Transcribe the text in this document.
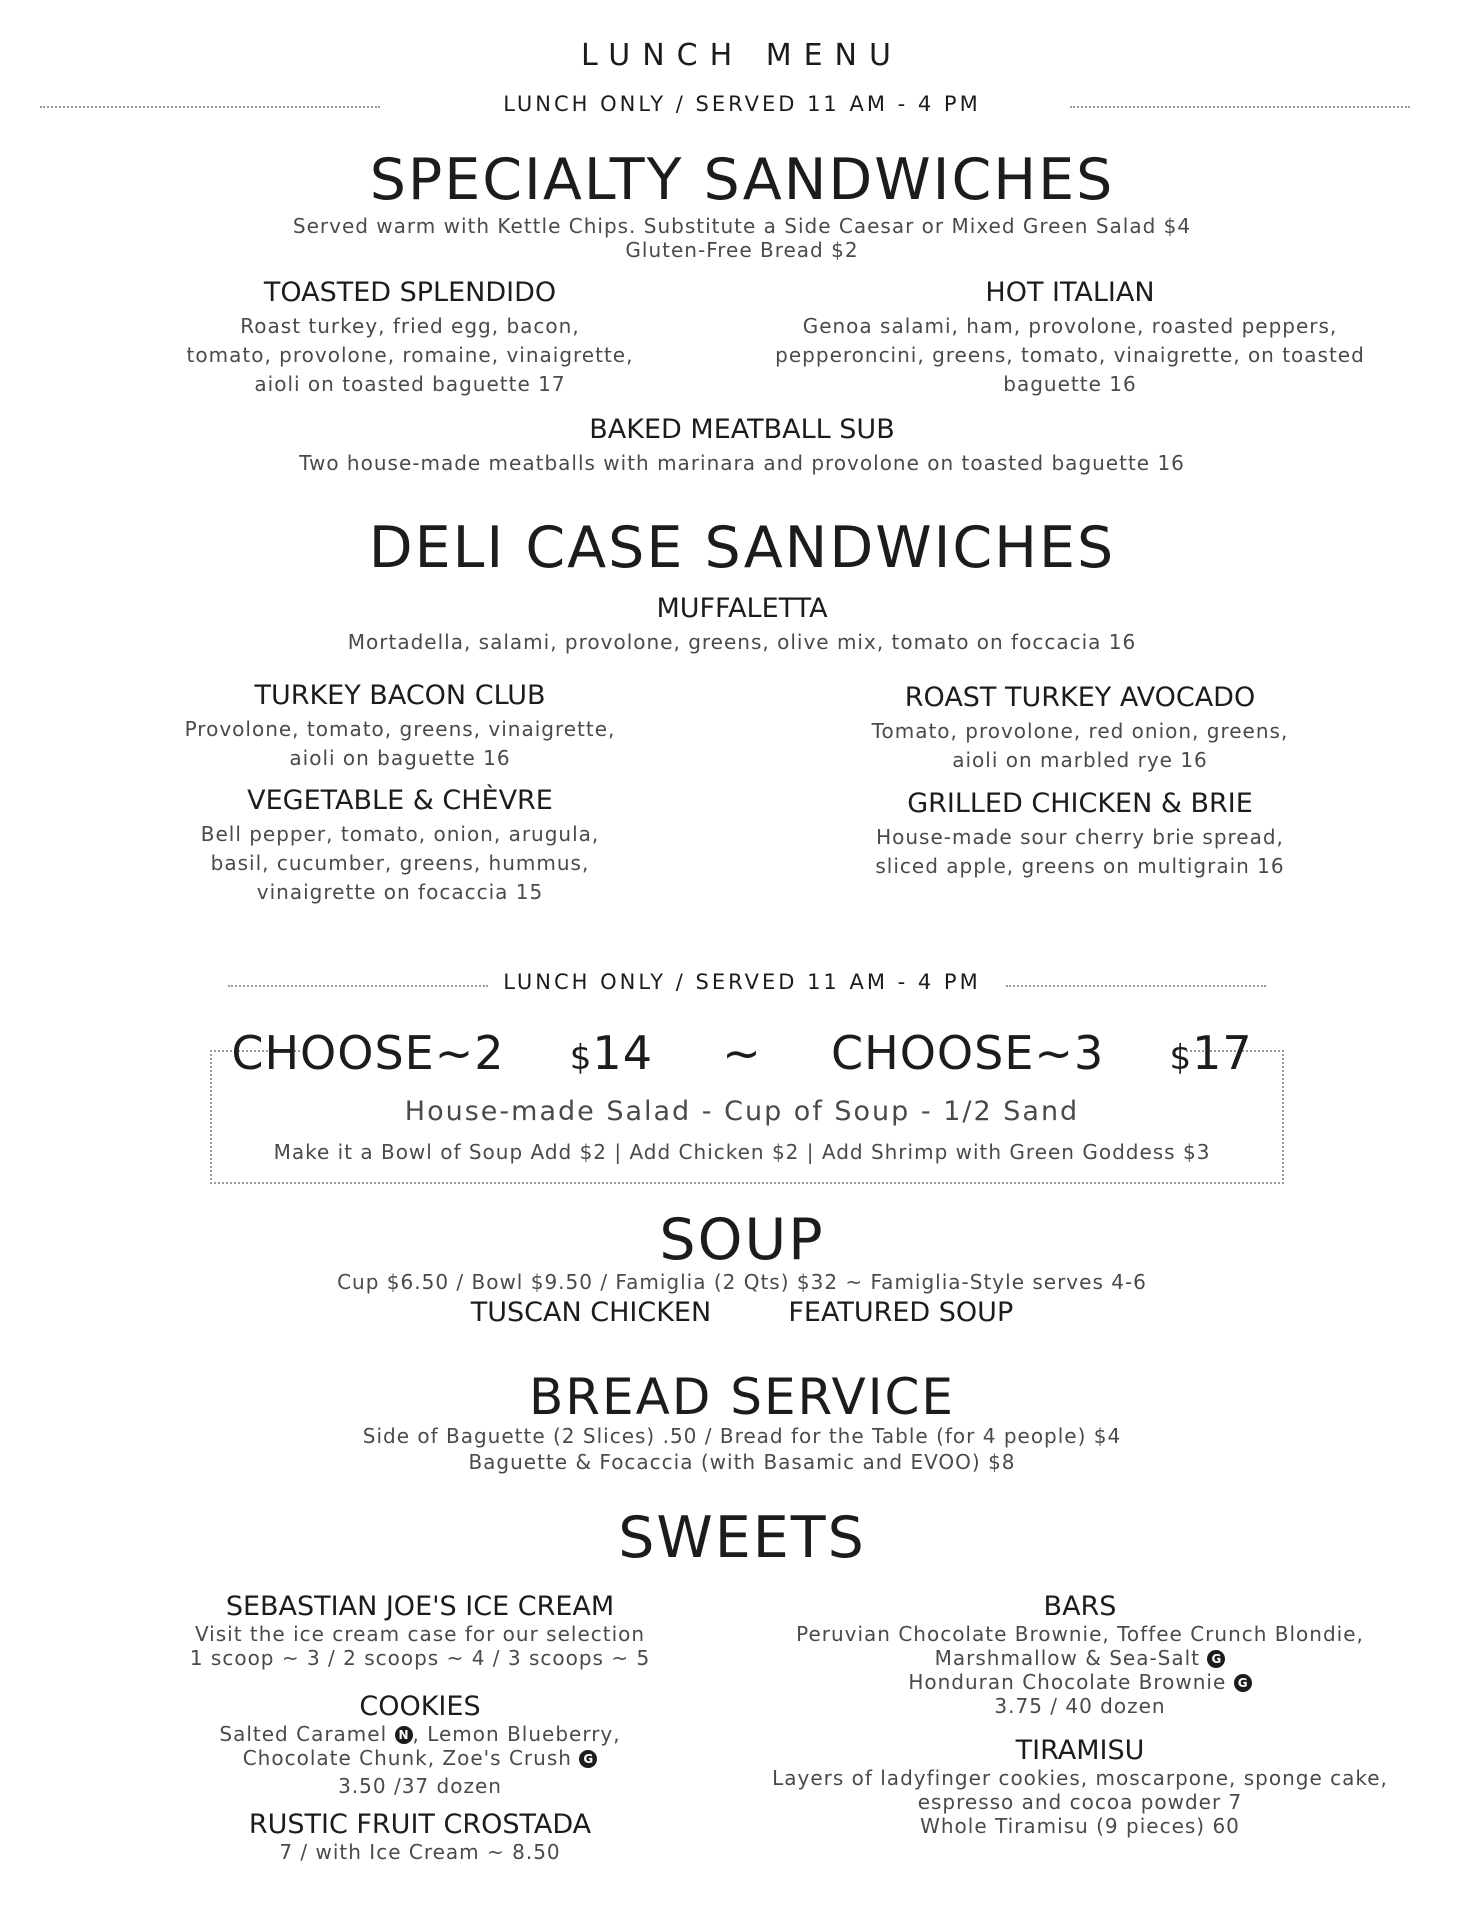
LUNCH MENU
LUNCH ONLY / SERVED 11 AM - 4 PM
SPECIALTY SANDWICHES
Served warm with Kettle Chips. Substitute a Side Caesar or Mixed Green Salad $4
Gluten-Free Bread $2
TOASTED SPLENDIDO
Roast turkey, fried egg, bacon,
tomato, provolone, romaine, vinaigrette,
aioli on toasted baguette 17
HOT ITALIAN
Genoa salami, ham, provolone, roasted peppers,
pepperoncini, greens, tomato, vinaigrette, on toasted
baguette 16
BAKED MEATBALL SUB
Two house-made meatballs with marinara and provolone on toasted baguette 16
DELI CASE SANDWICHES
MUFFALETTA
Mortadella, salami, provolone, greens, olive mix, tomato on foccacia 16
TURKEY BACON CLUB
Provolone, tomato, greens, vinaigrette,
aioli on baguette 16
ROAST TURKEY AVOCADO
Tomato, provolone, red onion, greens,
aioli on marbled rye 16
VEGETABLE & CHÈVRE
Bell pepper, tomato, onion, arugula,
basil, cucumber, greens, hummus,
vinaigrette on focaccia 15
GRILLED CHICKEN & BRIE
House-made sour cherry brie spread,
sliced apple, greens on multigrain 16
LUNCH ONLY / SERVED 11 AM - 4 PM
CHOOSE~2 $14 ~ CHOOSE~3 $17
House-made Salad - Cup of Soup - 1/2 Sand
Make it a Bowl of Soup Add $2 | Add Chicken $2 | Add Shrimp with Green Goddess $3
SOUP
Cup $6.50 / Bowl $9.50 / Famiglia (2 Qts) $32 ~ Famiglia-Style serves 4-6
TUSCAN CHICKEN	FEATURED SOUP
BREAD SERVICE
Side of Baguette (2 Slices) .50 / Bread for the Table (for 4 people) $4
Baguette & Focaccia (with Basamic and EVOO) $8
SWEETS
SEBASTIAN JOE'S ICE CREAM
Visit the ice cream case for our selection
1 scoop ~ 3 / 2 scoops ~ 4 / 3 scoops ~ 5
COOKIES
Salted Caramel N , Lemon Blueberry,
Chocolate Chunk, Zoe's Crush G
3.50 /37 dozen
RUSTIC FRUIT CROSTADA
7 / with Ice Cream ~ 8.50
BARS
Peruvian Chocolate Brownie, Toffee Crunch Blondie,
Marshmallow & Sea-Salt G
Honduran Chocolate Brownie G
3.75 / 40 dozen
TIRAMISU
Layers of ladyfinger cookies, moscarpone, sponge cake,
espresso and cocoa powder 7
Whole Tiramisu (9 pieces) 60
